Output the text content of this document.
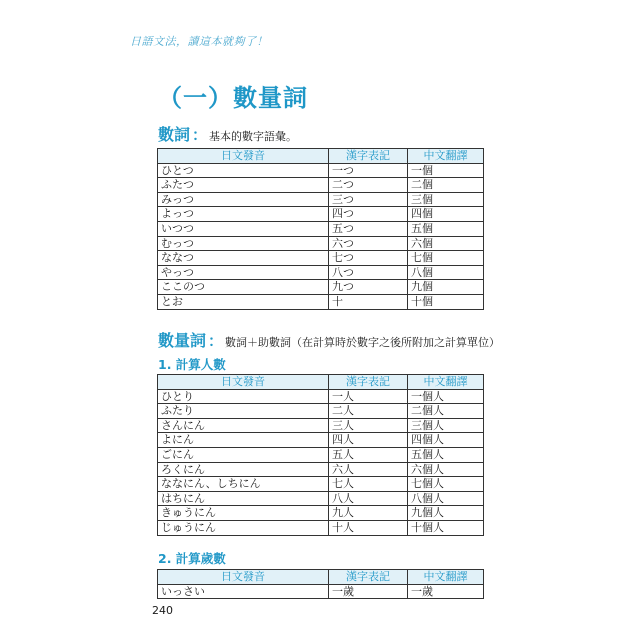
日語文法，讀這本就夠了！
（一）數量詞
數詞 ： 基本的數字語彙。
日文發音	漢字表記	中文翻譯
ひとつ	一つ	一個
ふたつ	二つ	二個
みっつ	三つ	三個
よっつ	四つ	四個
いつつ	五つ	五個
むっつ	六つ	六個
ななつ	七つ	七個
やっつ	八つ	八個
ここのつ	九つ	九個
とお	十	十個
數量詞 ： 數詞＋助數詞（在計算時於數字之後所附加之計算單位）
1. 計算人數
日文發音	漢字表記	中文翻譯
ひとり	一人	一個人
ふたり	二人	二個人
さんにん	三人	三個人
よにん	四人	四個人
ごにん	五人	五個人
ろくにん	六人	六個人
ななにん、しちにん	七人	七個人
はちにん	八人	八個人
きゅうにん	九人	九個人
じゅうにん	十人	十個人
2. 計算歲數
日文發音	漢字表記	中文翻譯
いっさい	一歲	一歲
240
